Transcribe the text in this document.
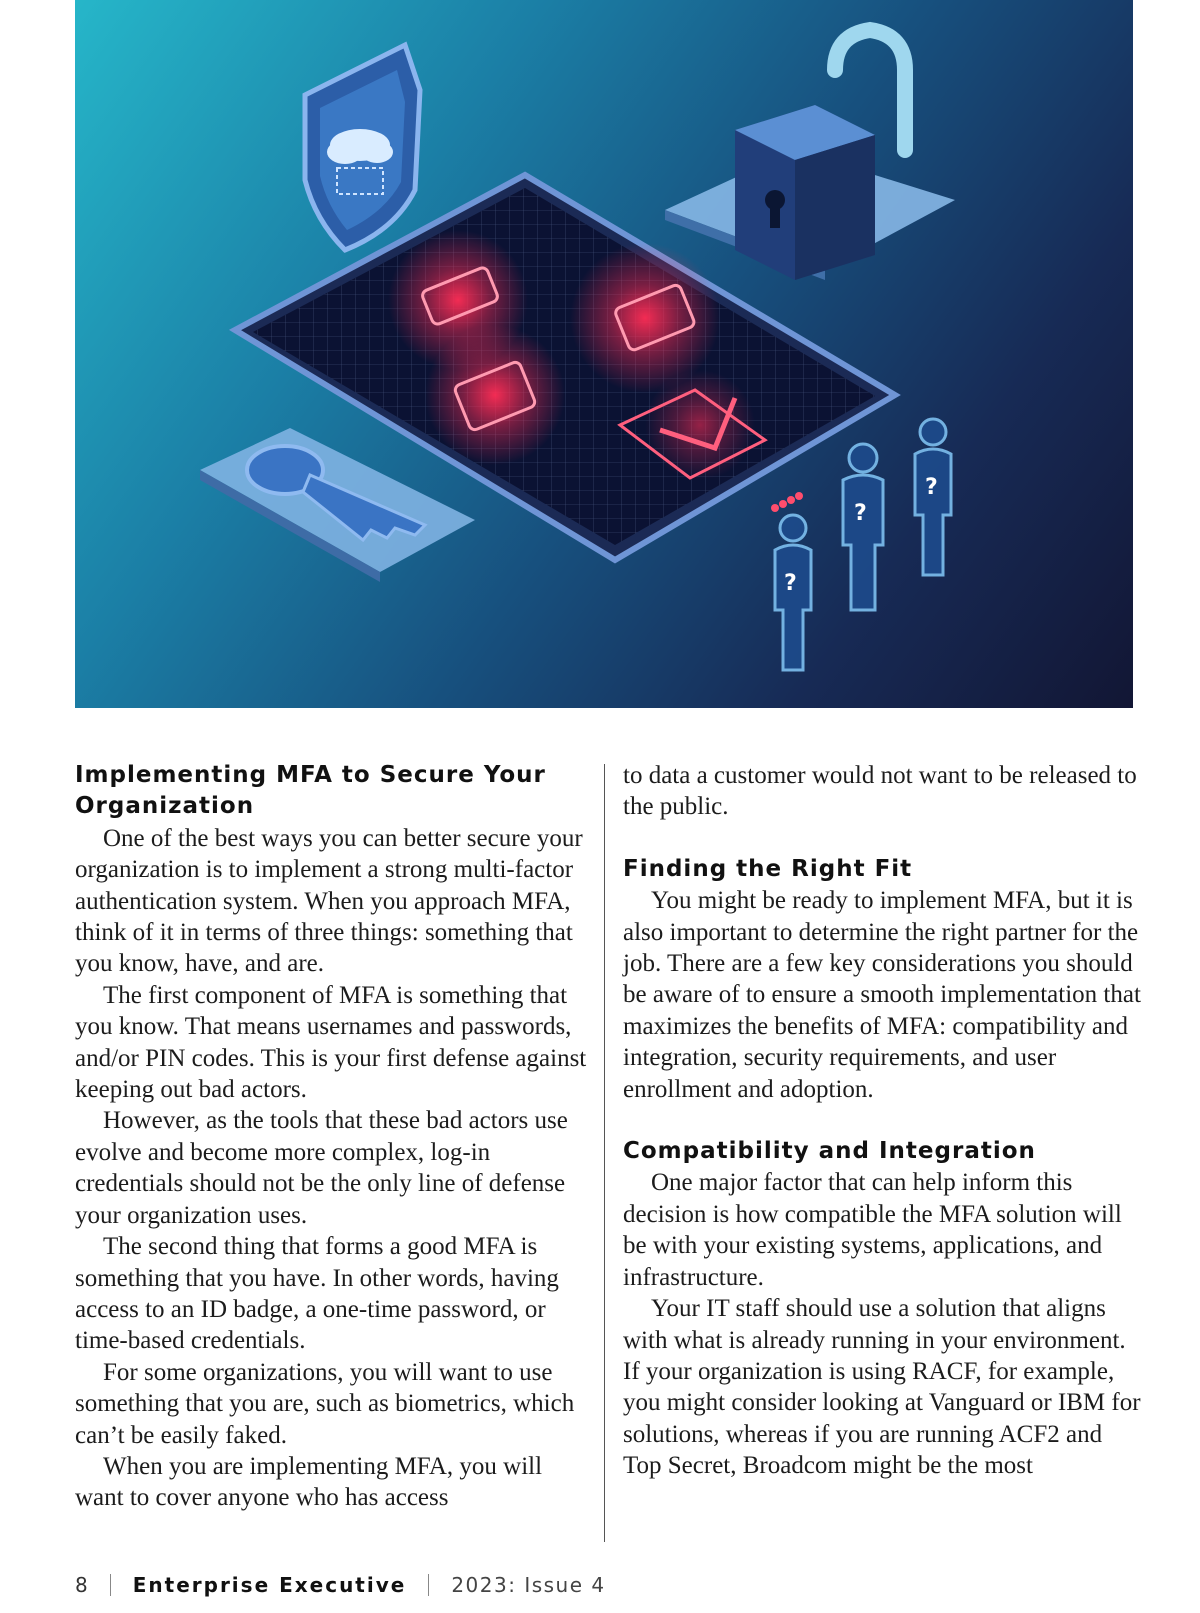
?
?
?
Implementing MFA to Secure Your Organization

One of the best ways you can better secure your organization is to implement a strong multi-factor authentication system. When you approach MFA, think of it in terms of three things: something that you know, have, and are.

The first component of MFA is something that you know. That means usernames and passwords, and/or PIN codes. This is your first defense against keeping out bad actors.

However, as the tools that these bad actors use evolve and become more complex, log-in credentials should not be the only line of defense your organization uses.

The second thing that forms a good MFA is something that you have. In other words, having access to an ID badge, a one-time password, or time-based credentials.

For some organizations, you will want to use something that you are, such as biometrics, which can’t be easily faked.

When you are implementing MFA, you will want to cover anyone who has access

to data a customer would not want to be released to the public.

Finding the Right Fit

You might be ready to implement MFA, but it is also important to determine the right partner for the job. There are a few key considerations you should be aware of to ensure a smooth implementation that maximizes the benefits of MFA: compatibility and integration, security requirements, and user enrollment and adoption.

Compatibility and Integration

One major factor that can help inform this decision is how compatible the MFA solution will be with your existing systems, applications, and infrastructure.

Your IT staff should use a solution that aligns with what is already running in your environment. If your organization is using RACF, for example, you might consider looking at Vanguard or IBM for solutions, whereas if you are running ACF2 and Top Secret, Broadcom might be the most

8 Enterprise Executive 2023: Issue 4
